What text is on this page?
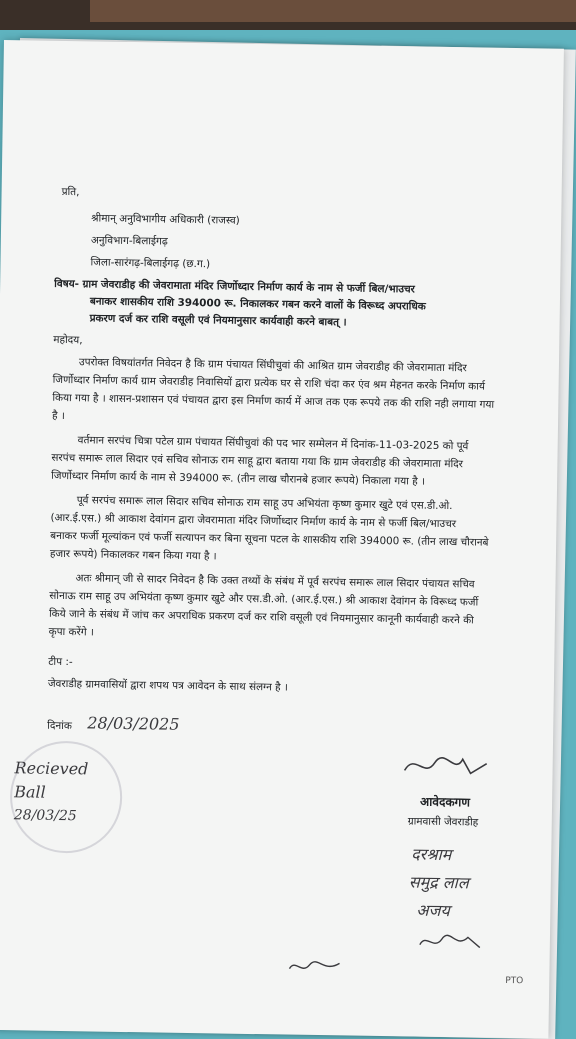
प्रति,
श्रीमान् अनुविभागीय अधिकारी (राजस्व)
अनुविभाग-बिलाईगढ़
जिला-सारंगढ़-बिलाईगढ़ (छ.ग.)
विषय- ग्राम जेवराडीह की जेवरामाता मंदिर जिर्णोध्दार निर्माण कार्य के नाम से फर्जी बिल/भाउचर
बनाकर शासकीय राशि 394000 रू. निकालकर गबन करने वालों के विरूध्द अपराधिक
प्रकरण दर्ज कर राशि वसूली एवं नियमानुसार कार्यवाही करने बाबत् ।
महोदय,
उपरोक्त विषयांतर्गत निवेदन है कि ग्राम पंचायत सिंघीचुवां की आश्रित ग्राम जेवराडीह की जेवरामाता मंदिर
जिर्णोध्दार निर्माण कार्य ग्राम जेवराडीह निवासियों द्वारा प्रत्येक घर से राशि चंदा कर एंव श्रम मेहनत करके निर्माण कार्य
किया गया है । शासन-प्रशासन एवं पंचायत द्वारा इस निर्माण कार्य में आज तक एक रूपये तक की राशि नही लगाया गया
है ।
वर्तमान सरपंच चित्रा पटेल ग्राम पंचायत सिंघीचुवां की पद भार सम्मेलन में दिनांक-11-03-2025 को पूर्व
सरपंच समारू लाल सिदार एवं सचिव सोनाऊ राम साहू द्वारा बताया गया कि ग्राम जेवराडीह की जेवरामाता मंदिर
जिर्णोध्दार निर्माण कार्य के नाम से 394000 रू. (तीन लाख चौरानबे हजार रूपये) निकाला गया है ।
पूर्व सरपंच समारू लाल सिदार सचिव सोनाऊ राम साहू उप अभियंता कृष्ण कुमार खुटे एवं एस.डी.ओ.
(आर.ई.एस.) श्री आकाश देवांगन द्वारा जेवरामाता मंदिर जिर्णोध्दार निर्माण कार्य के नाम से फर्जी बिल/भाउचर
बनाकर फर्जी मूल्यांकन एवं फर्जी सत्यापन कर बिना सूचना पटल के शासकीय राशि 394000 रू. (तीन लाख चौरानबे
हजार रूपये) निकालकर गबन किया गया है ।
अतः श्रीमान् जी से सादर निवेदन है कि उक्त तथ्यों के संबंध में पूर्व सरपंच समारू लाल सिदार पंचायत सचिव
सोनाऊ राम साहू उप अभियंता कृष्ण कुमार खुटे और एस.डी.ओ. (आर.ई.एस.) श्री आकाश देवांगन के विरूध्द फर्जी
किये जाने के संबंध में जांच कर अपराधिक प्रकरण दर्ज कर राशि वसूली एवं नियमानुसार कानूनी कार्यवाही करने की
कृपा करेंगे ।
टीप :-
जेवराडीह ग्रामवासियों द्वारा शपथ पत्र आवेदन के साथ संलग्न है ।
दिनांक 28/03/2025
Recieved
Ball
28/03/25
आवेदकगण
ग्रामवासी जेवराडीह
दरश्राम
समुद्र लाल
अजय
PTO
